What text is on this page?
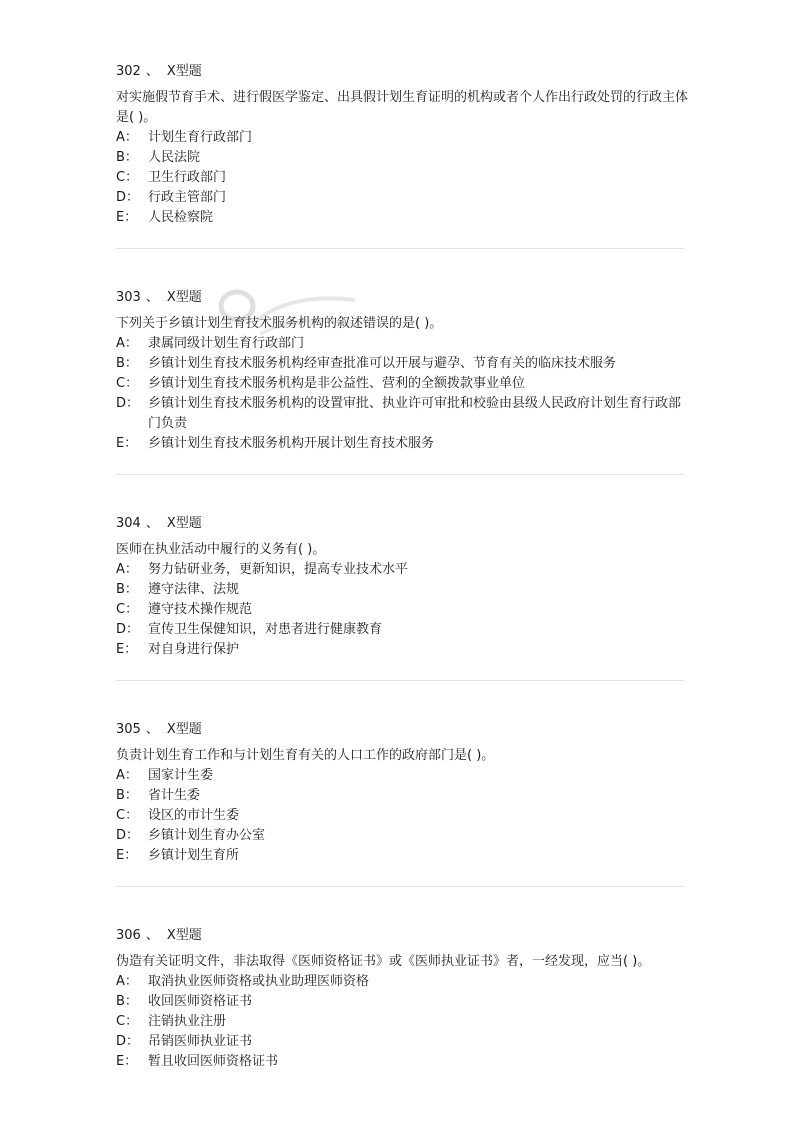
302 、 X型题
对实施假节育手术、进行假医学鉴定、出具假计划生育证明的机构或者个人作出行政处罚的行政主体是( )。
A： 计划生育行政部门
B： 人民法院
C： 卫生行政部门
D： 行政主管部门
E： 人民检察院
303 、 X型题
下列关于乡镇计划生育技术服务机构的叙述错误的是( )。
A： 隶属同级计划生育行政部门
B： 乡镇计划生育技术服务机构经审查批准可以开展与避孕、节育有关的临床技术服务
C： 乡镇计划生育技术服务机构是非公益性、营利的全额拨款事业单位
D： 乡镇计划生育技术服务机构的设置审批、执业许可审批和校验由县级人民政府计划生育行政部门负责
E： 乡镇计划生育技术服务机构开展计划生育技术服务
304 、 X型题
医师在执业活动中履行的义务有( )。
A： 努力钻研业务，更新知识，提高专业技术水平
B： 遵守法律、法规
C： 遵守技术操作规范
D： 宣传卫生保健知识，对患者进行健康教育
E： 对自身进行保护
305 、 X型题
负责计划生育工作和与计划生育有关的人口工作的政府部门是( )。
A： 国家计生委
B： 省计生委
C： 设区的市计生委
D： 乡镇计划生育办公室
E： 乡镇计划生育所
306 、 X型题
伪造有关证明文件，非法取得《医师资格证书》或《医师执业证书》者，一经发现，应当( )。
A： 取消执业医师资格或执业助理医师资格
B： 收回医师资格证书
C： 注销执业注册
D： 吊销医师执业证书
E： 暂且收回医师资格证书
